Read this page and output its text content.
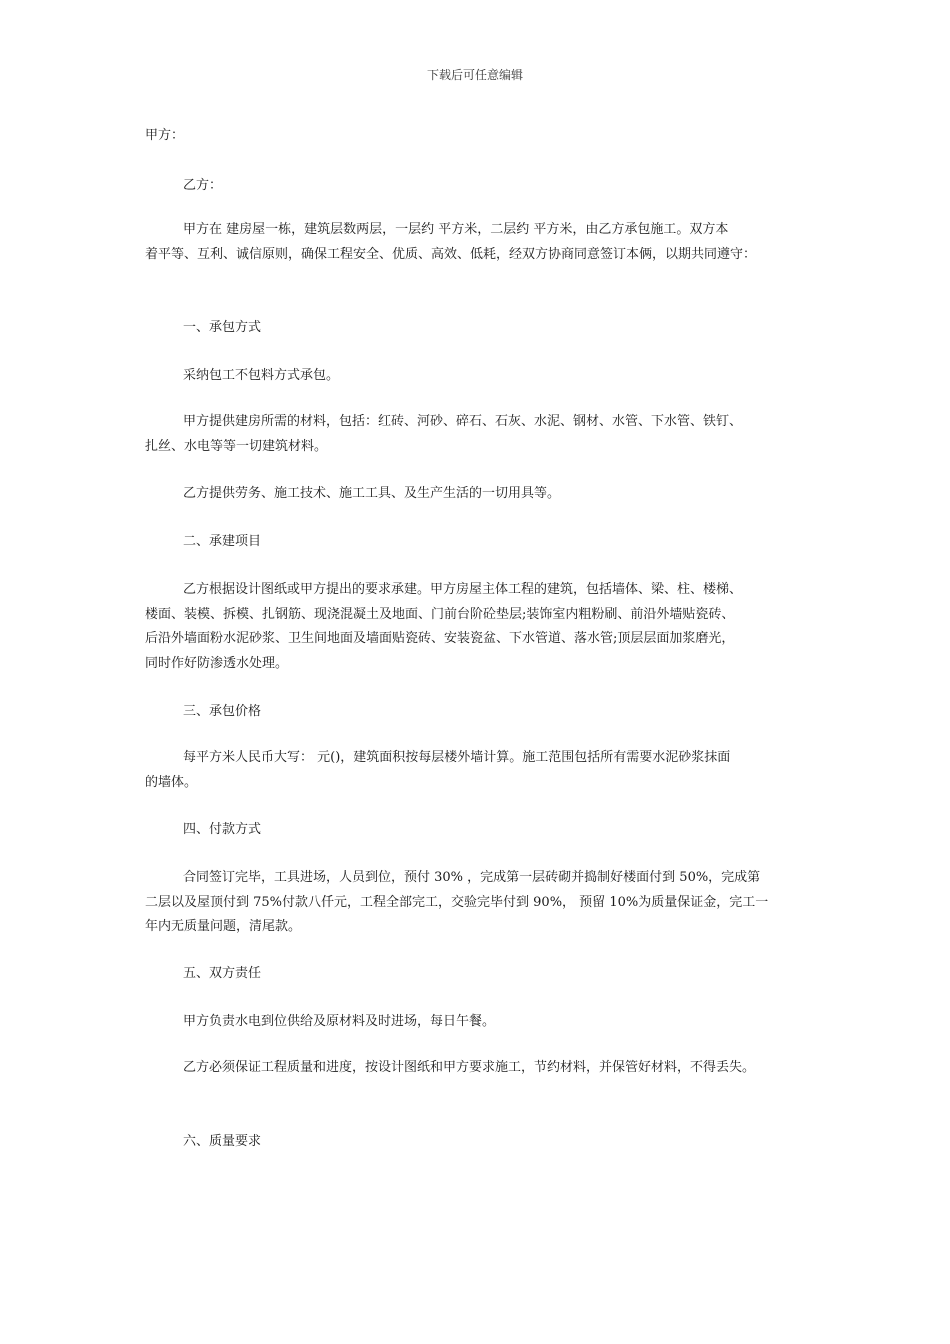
下载后可任意编辑
甲方：
乙方：
甲方在 建房屋一栋，建筑层数两层，一层约 平方米，二层约 平方米，由乙方承包施工。双方本
着平等、互利、诚信原则，确保工程安全、优质、高效、低耗，经双方协商同意签订本俩，以期共同遵守：
一、承包方式
采纳包工不包料方式承包。
甲方提供建房所需的材料，包括：红砖、河砂、碎石、石灰、水泥、钢材、水管、下水管、铁钉、
扎丝、水电等等一切建筑材料。
乙方提供劳务、施工技术、施工工具、及生产生活的一切用具等。
二、承建项目
乙方根据设计图纸或甲方提出的要求承建。甲方房屋主体工程的建筑，包括墙体、梁、柱、楼梯、
楼面、装模、拆模、扎钢筋、现浇混凝土及地面、门前台阶砼垫层;装饰室内粗粉刷、前沿外墙贴瓷砖、
后沿外墙面粉水泥砂浆、卫生间地面及墙面贴瓷砖、安装瓷盆、下水管道、落水管;顶层层面加浆磨光，
同时作好防渗透水处理。
三、承包价格
每平方米人民币大写： 元()，建筑面积按每层楼外墙计算。施工范围包括所有需要水泥砂浆抹面
的墙体。
四、付款方式
合同签订完毕，工具进场，人员到位，预付 30% ，完成第一层砖砌并捣制好楼面付到 50%，完成第
二层以及屋顶付到 75%付款八仟元，工程全部完工，交验完毕付到 90%， 预留 10%为质量保证金，完工一
年内无质量问题，清尾款。
五、双方责任
甲方负责水电到位供给及原材料及时进场，每日午餐。
乙方必须保证工程质量和进度，按设计图纸和甲方要求施工，节约材料，并保管好材料，不得丢失。
六、质量要求
